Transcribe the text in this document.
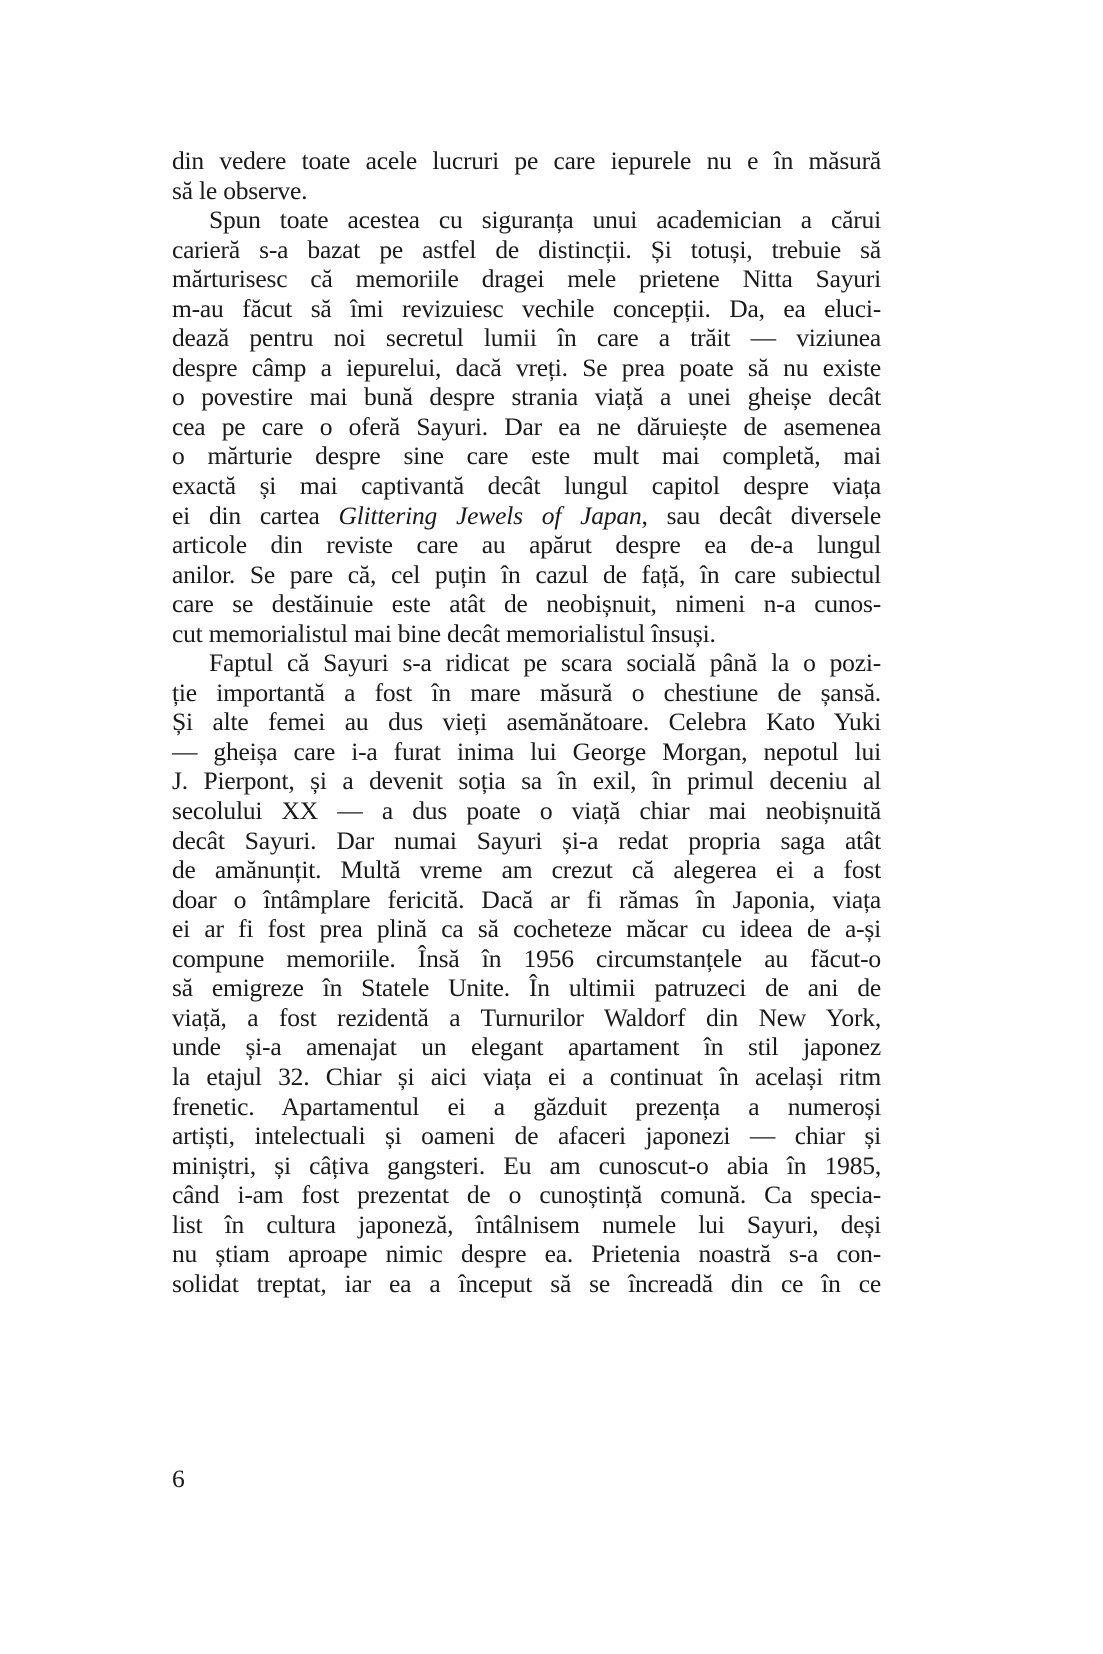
din vedere toate acele lucruri pe care iepurele nu e în măsură
să le observe.
Spun toate acestea cu siguranța unui academician a cărui
carieră s-a bazat pe astfel de distincții. Și totuși, trebuie să
mărturisesc că memoriile dragei mele prietene Nitta Sayuri
m-au făcut să îmi revizuiesc vechile concepții. Da, ea eluci-
dează pentru noi secretul lumii în care a trăit — viziunea
despre câmp a iepurelui, dacă vreți. Se prea poate să nu existe
o povestire mai bună despre strania viață a unei gheișe decât
cea pe care o oferă Sayuri. Dar ea ne dăruiește de asemenea
o mărturie despre sine care este mult mai completă, mai
exactă și mai captivantă decât lungul capitol despre viața
ei din cartea Glittering Jewels of Japan, sau decât diversele
articole din reviste care au apărut despre ea de-a lungul
anilor. Se pare că, cel puțin în cazul de față, în care subiectul
care se destăinuie este atât de neobișnuit, nimeni n-a cunos-
cut memorialistul mai bine decât memorialistul însuși.
Faptul că Sayuri s-a ridicat pe scara socială până la o pozi-
ție importantă a fost în mare măsură o chestiune de șansă.
Și alte femei au dus vieți asemănătoare. Celebra Kato Yuki
— gheișa care i-a furat inima lui George Morgan, nepotul lui
J. Pierpont, și a devenit soția sa în exil, în primul deceniu al
secolului XX — a dus poate o viață chiar mai neobișnuită
decât Sayuri. Dar numai Sayuri și-a redat propria saga atât
de amănunțit. Multă vreme am crezut că alegerea ei a fost
doar o întâmplare fericită. Dacă ar fi rămas în Japonia, viața
ei ar fi fost prea plină ca să cocheteze măcar cu ideea de a-și
compune memoriile. Însă în 1956 circumstanțele au făcut-o
să emigreze în Statele Unite. În ultimii patruzeci de ani de
viață, a fost rezidentă a Turnurilor Waldorf din New York,
unde și-a amenajat un elegant apartament în stil japonez
la etajul 32. Chiar și aici viața ei a continuat în același ritm
frenetic. Apartamentul ei a găzduit prezența a numeroși
artiști, intelectuali și oameni de afaceri japonezi — chiar și
miniștri, și câțiva gangsteri. Eu am cunoscut-o abia în 1985,
când i-am fost prezentat de o cunoștință comună. Ca specia-
list în cultura japoneză, întâlnisem numele lui Sayuri, deși
nu știam aproape nimic despre ea. Prietenia noastră s-a con-
solidat treptat, iar ea a început să se încreadă din ce în ce
6
